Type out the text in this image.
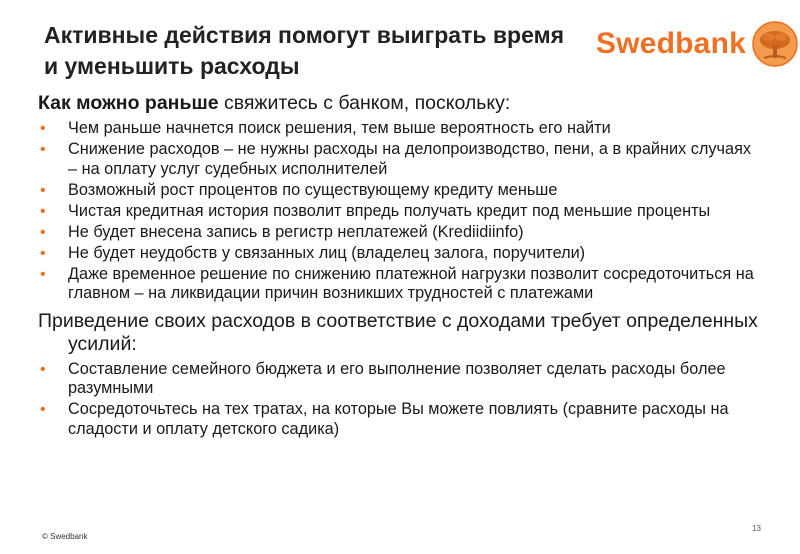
Активные действия помогут выиграть время и уменьшить расходы
Swedbank
Как можно раньше свяжитесь с банком, поскольку:
• Чем раньше начнется поиск решения, тем выше вероятность его найти
• Снижение расходов – не нужны расходы на делопроизводство, пени, а в крайних случаях – на оплату услуг судебных исполнителей
• Возможный рост процентов по существующему кредиту меньше
• Чистая кредитная история позволит впредь получать кредит под меньшие проценты
• Не будет внесена запись в регистр неплатежей (Krediidiinfo)
• Не будет неудобств у связанных лиц (владелец залога, поручители)
• Даже временное решение по снижению платежной нагрузки позволит сосредоточиться на главном – на ликвидации причин возникших трудностей с платежами
Приведение своих расходов в соответствие с доходами требует определенных усилий:
• Составление семейного бюджета и его выполнение позволяет сделать расходы более разумными
• Сосредоточьтесь на тех тратах, на которые Вы можете повлиять (сравните расходы на сладости и оплату детского садика)
© Swedbank
13
